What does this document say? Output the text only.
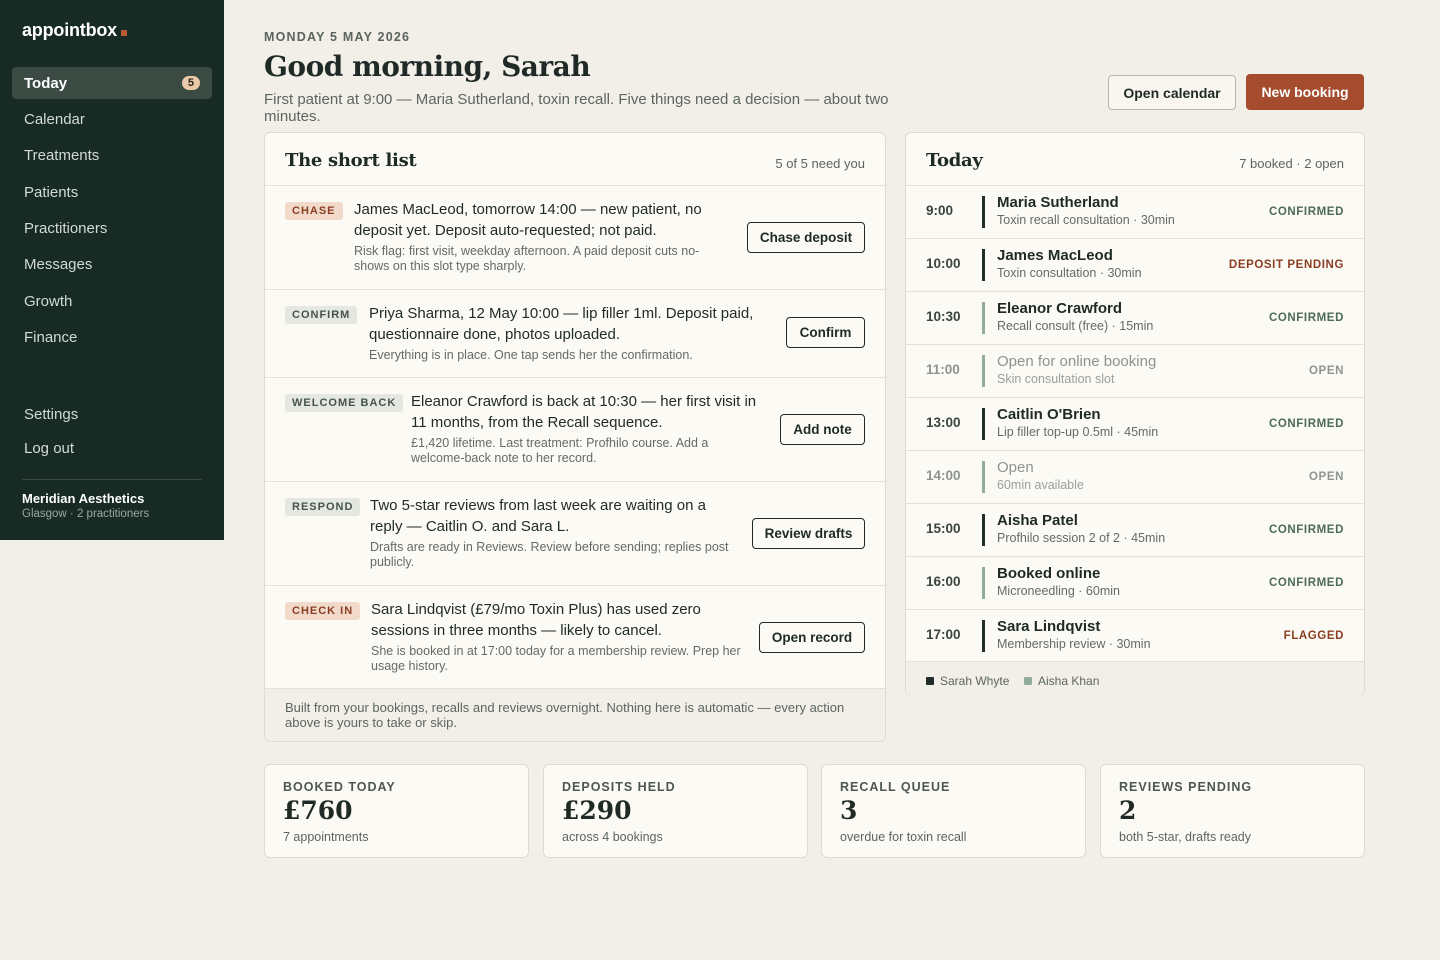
appointbox
Today	5
Calendar
Treatments
Patients
Practitioners
Messages
Growth
Finance
Settings
Log out
Meridian Aesthetics
Glasgow · 2 practitioners
MONDAY 5 MAY 2026
Good morning, Sarah

First patient at 9:00 — Maria Sutherland, toxin recall. Five things need a decision — about two minutes.

Open calendar	New booking
The short list	5 of 5 need you
CHASE	James MacLeod, tomorrow 14:00 — new patient, no deposit yet. Deposit auto-requested; not paid.
Risk flag: first visit, weekday afternoon. A paid deposit cuts no-shows on this slot type sharply.
Chase deposit
CONFIRM	Priya Sharma, 12 May 10:00 — lip filler 1ml. Deposit paid, questionnaire done, photos uploaded.
Everything is in place. One tap sends her the confirmation.
Confirm
WELCOME BACK Eleanor Crawford is back at 10:30 — her first visit in 11 months, from the Recall sequence.
£1,420 lifetime. Last treatment: Profhilo course. Add a welcome-back note to her record.
Add note
RESPOND	Two 5-star reviews from last week are waiting on a reply — Caitlin O. and Sara L.
Drafts are ready in Reviews. Review before sending; replies post publicly.
Review drafts
CHECK IN	Sara Lindqvist (£79/mo Toxin Plus) has used zero sessions in three months — likely to cancel.
She is booked in at 17:00 today for a membership review. Prep her usage history.
Open record
Built from your bookings, recalls and reviews overnight. Nothing here is automatic — every action above is yours to take or skip.
Today	7 booked · 2 open
9:00	Maria Sutherland
Toxin recall consultation · 30min
CONFIRMED
10:00 James MacLeod
Toxin consultation · 30min
DEPOSIT PENDING
10:30 Eleanor Crawford
Recall consult (free) · 15min
CONFIRMED
11:00 Open for online booking
Skin consultation slot
OPEN
13:00 Caitlin O'Brien
Lip filler top-up 0.5ml · 45min
CONFIRMED
14:00 Open
60min available
OPEN
15:00 Aisha Patel
Profhilo session 2 of 2 · 45min
CONFIRMED
16:00 Booked online
Microneedling · 60min
CONFIRMED
17:00 Sara Lindqvist
Membership review · 30min
FLAGGED
Sarah Whyte Aisha Khan
BOOKED TODAY
£760
7 appointments
DEPOSITS HELD
£290
across 4 bookings
RECALL QUEUE
3
overdue for toxin recall
REVIEWS PENDING
2
both 5-star, drafts ready
